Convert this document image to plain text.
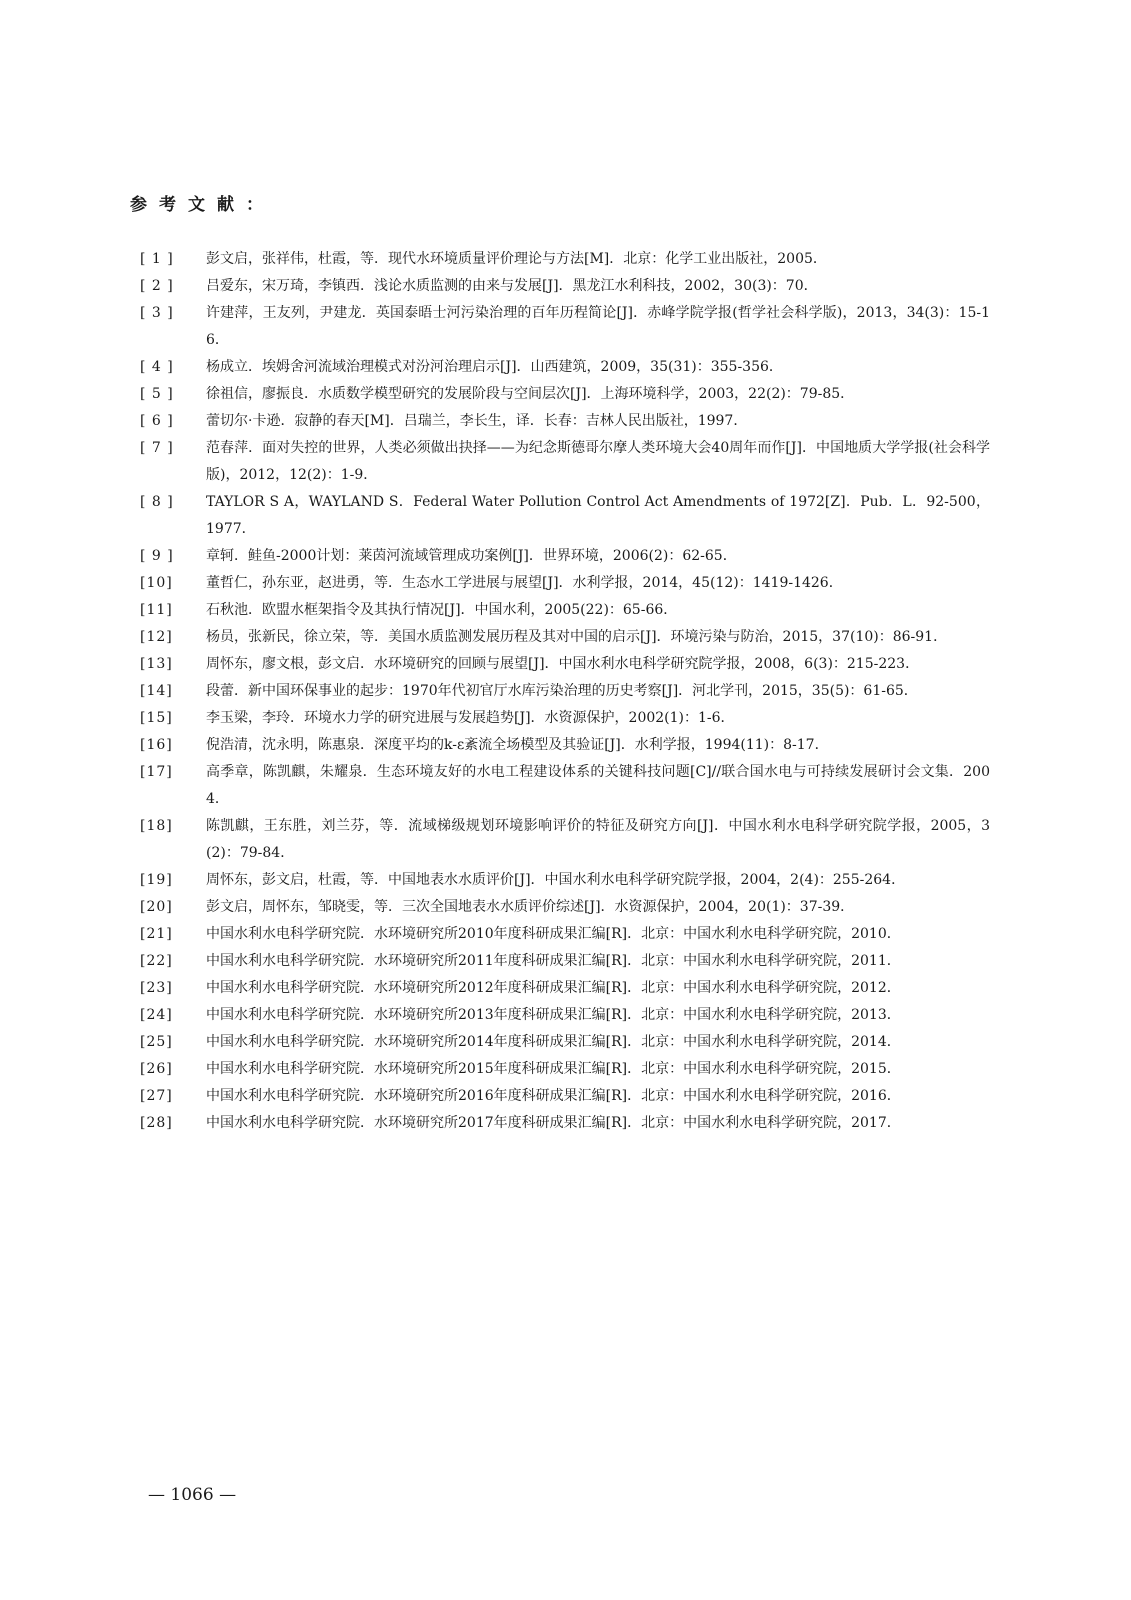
参考文献：
[ 1 ]	彭文启，张祥伟，杜霞，等．现代水环境质量评价理论与方法[M]．北京：化学工业出版社，2005．
[ 2 ]	吕爱东，宋万琦，李镇西．浅论水质监测的由来与发展[J]．黑龙江水利科技，2002，30(3)：70．
[ 3 ]	许建萍，王友列，尹建龙．英国泰晤士河污染治理的百年历程简论[J]．赤峰学院学报(哲学社会科学版)，2013，34(3)：15-16．
[ 4 ]	杨成立．埃姆舍河流域治理模式对汾河治理启示[J]．山西建筑，2009，35(31)：355-356．
[ 5 ]	徐祖信，廖振良．水质数学模型研究的发展阶段与空间层次[J]．上海环境科学，2003，22(2)：79-85．
[ 6 ]	蕾切尔·卡逊．寂静的春天[M]．吕瑞兰，李长生，译．长春：吉林人民出版社，1997．
[ 7 ]	范春萍．面对失控的世界，人类必须做出抉择——为纪念斯德哥尔摩人类环境大会40周年而作[J]．中国地质大学学报(社会科学版)，2012，12(2)：1-9．
[ 8 ]	TAYLOR S A，WAYLAND S．Federal Water Pollution Control Act Amendments of 1972[Z]．Pub．L．92-500，1977．
[ 9 ]	章轲．鲑鱼-2000计划：莱茵河流域管理成功案例[J]．世界环境，2006(2)：62-65．
[10]	董哲仁，孙东亚，赵进勇，等．生态水工学进展与展望[J]．水利学报，2014，45(12)：1419-1426．
[11]	石秋池．欧盟水框架指令及其执行情况[J]．中国水利，2005(22)：65-66．
[12]	杨员，张新民，徐立荣，等．美国水质监测发展历程及其对中国的启示[J]．环境污染与防治，2015，37(10)：86-91．
[13]	周怀东，廖文根，彭文启．水环境研究的回顾与展望[J]．中国水利水电科学研究院学报，2008，6(3)：215-223．
[14]	段蕾．新中国环保事业的起步：1970年代初官厅水库污染治理的历史考察[J]．河北学刊，2015，35(5)：61-65．
[15]	李玉梁，李玲．环境水力学的研究进展与发展趋势[J]．水资源保护，2002(1)：1-6．
[16]	倪浩清，沈永明，陈惠泉．深度平均的k-ε紊流全场模型及其验证[J]．水利学报，1994(11)：8-17．
[17]	高季章，陈凯麒，朱耀泉．生态环境友好的水电工程建设体系的关键科技问题[C]//联合国水电与可持续发展研讨会文集．2004．
[18]	陈凯麒，王东胜，刘兰芬，等．流域梯级规划环境影响评价的特征及研究方向[J]．中国水利水电科学研究院学报，2005，3(2)：79-84．
[19]	周怀东，彭文启，杜霞，等．中国地表水水质评价[J]．中国水利水电科学研究院学报，2004，2(4)：255-264．
[20]	彭文启，周怀东，邹晓雯，等．三次全国地表水水质评价综述[J]．水资源保护，2004，20(1)：37-39．
[21]	中国水利水电科学研究院．水环境研究所2010年度科研成果汇编[R]．北京：中国水利水电科学研究院，2010．
[22]	中国水利水电科学研究院．水环境研究所2011年度科研成果汇编[R]．北京：中国水利水电科学研究院，2011．
[23]	中国水利水电科学研究院．水环境研究所2012年度科研成果汇编[R]．北京：中国水利水电科学研究院，2012．
[24]	中国水利水电科学研究院．水环境研究所2013年度科研成果汇编[R]．北京：中国水利水电科学研究院，2013．
[25]	中国水利水电科学研究院．水环境研究所2014年度科研成果汇编[R]．北京：中国水利水电科学研究院，2014．
[26]	中国水利水电科学研究院．水环境研究所2015年度科研成果汇编[R]．北京：中国水利水电科学研究院，2015．
[27]	中国水利水电科学研究院．水环境研究所2016年度科研成果汇编[R]．北京：中国水利水电科学研究院，2016．
[28]	中国水利水电科学研究院．水环境研究所2017年度科研成果汇编[R]．北京：中国水利水电科学研究院，2017．

— 1066 —
